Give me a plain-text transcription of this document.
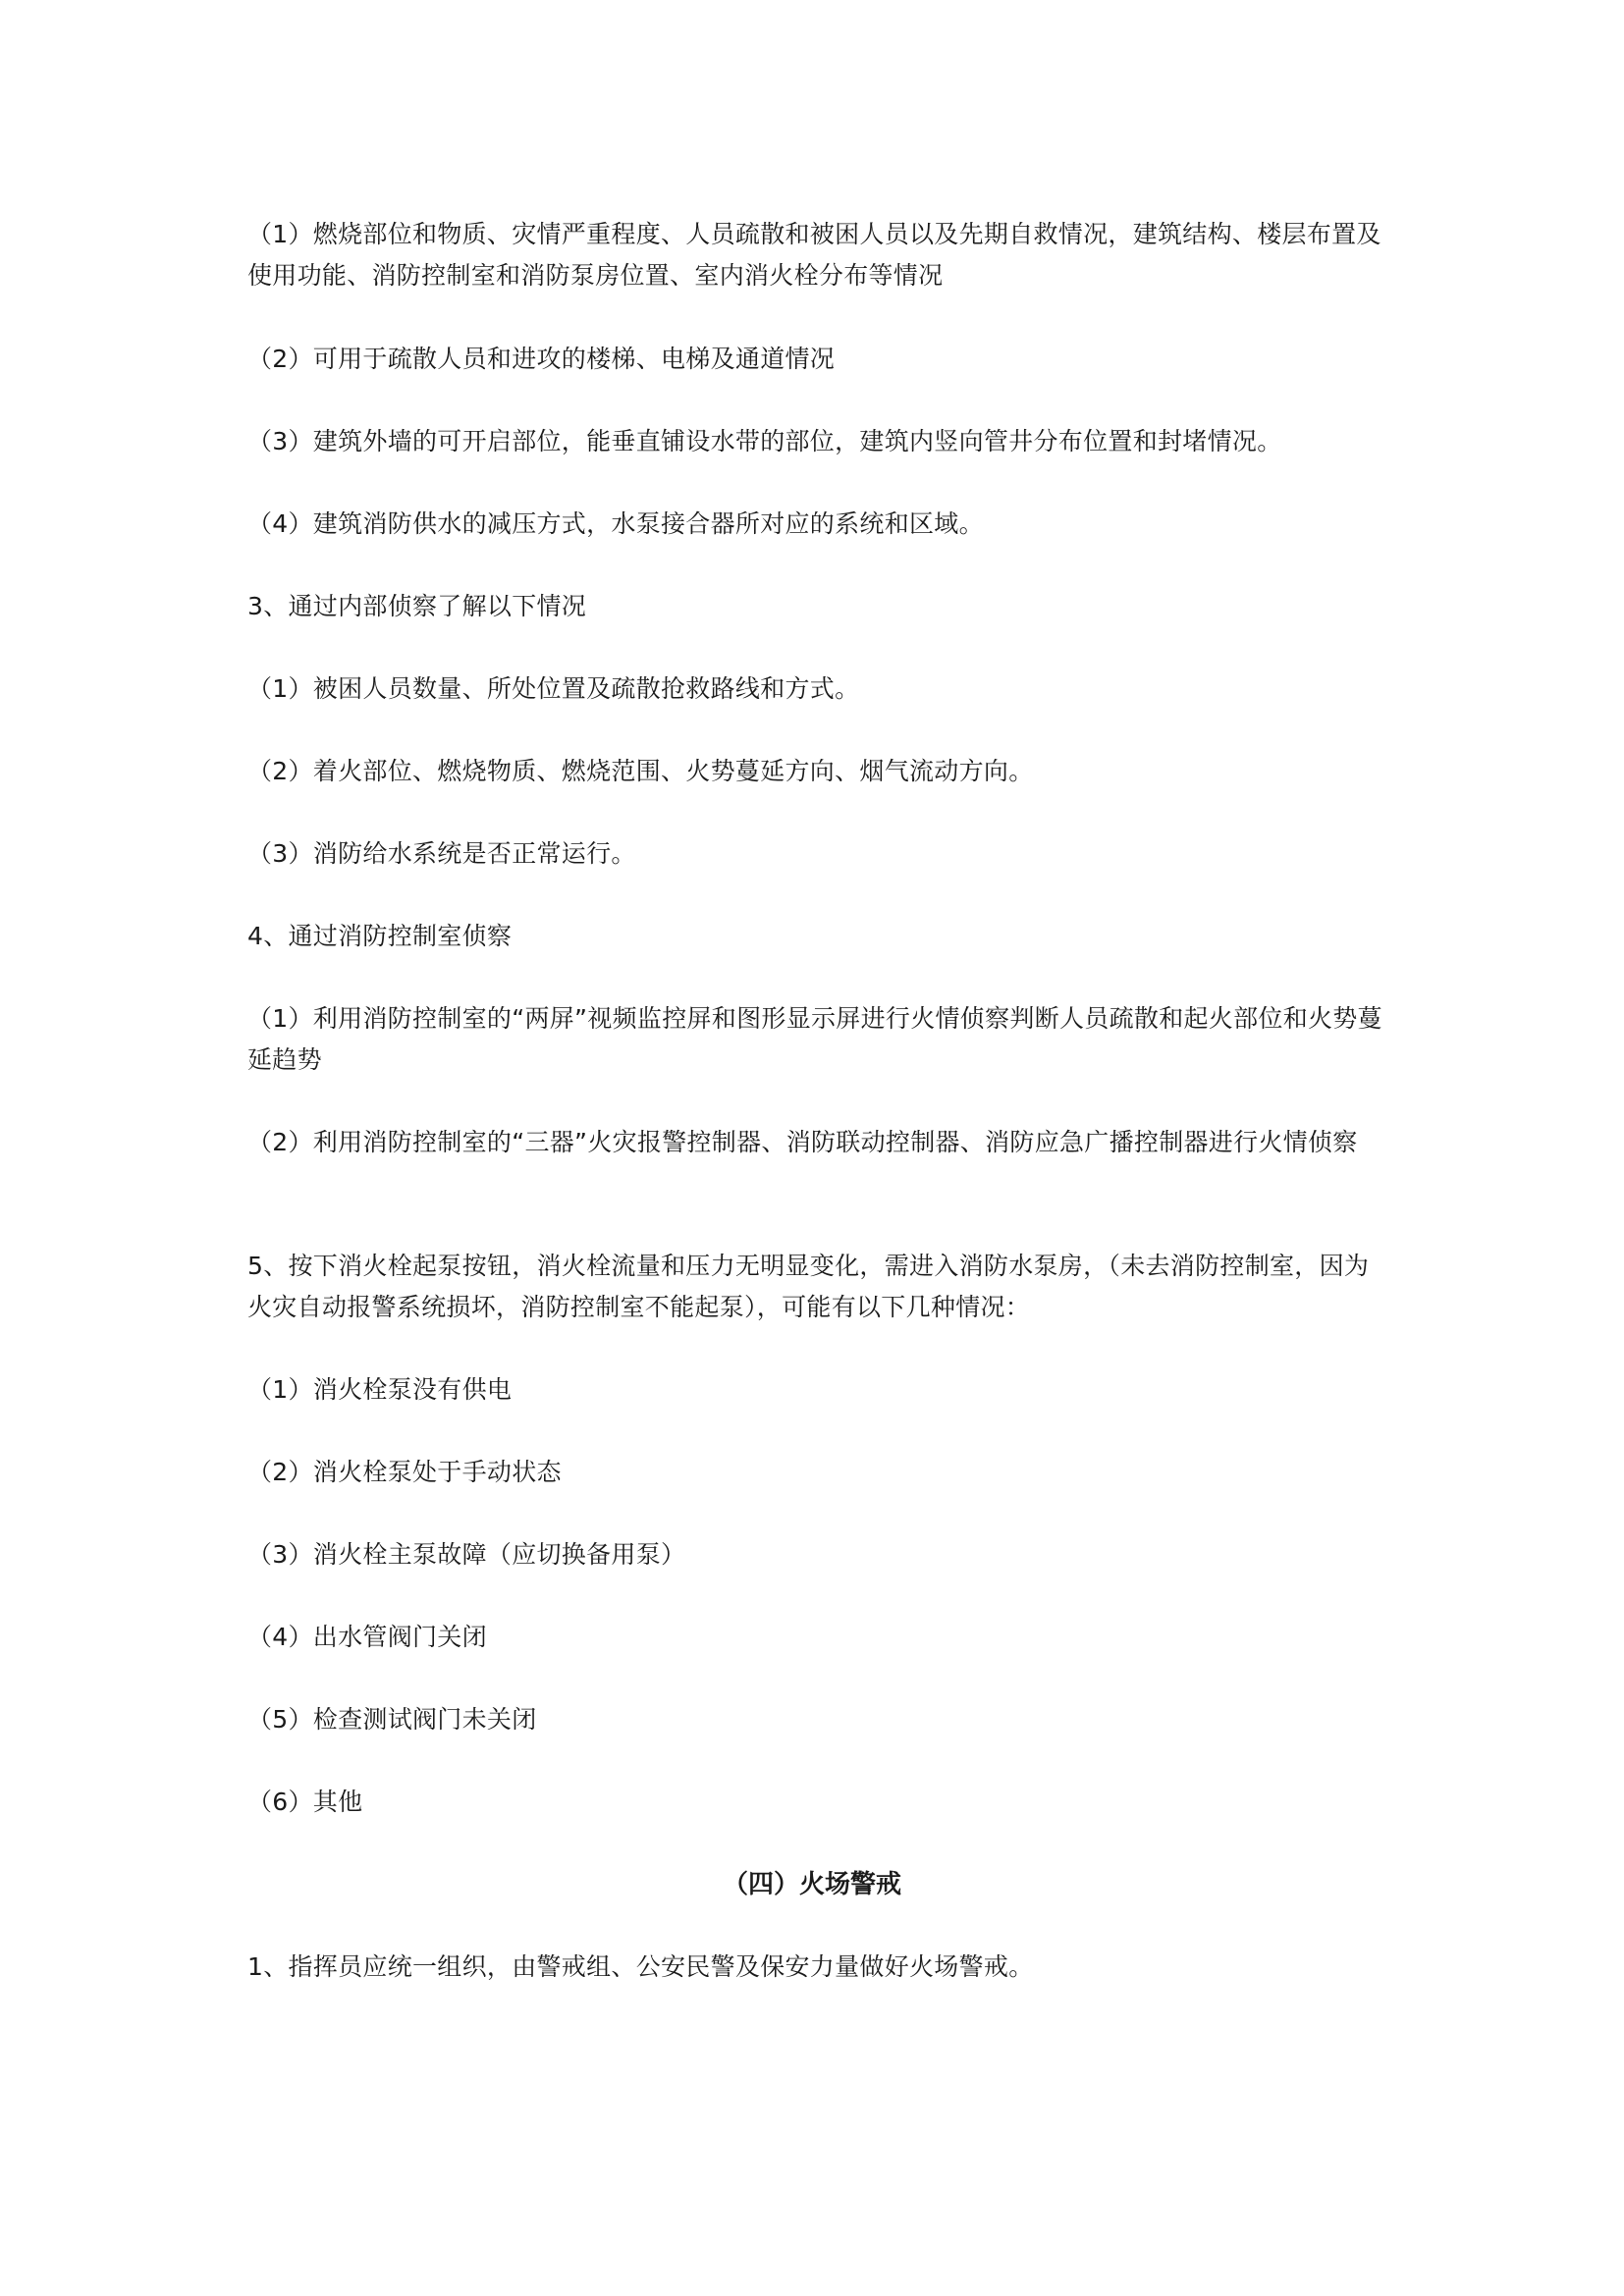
（1）燃烧部位和物质、灾情严重程度、人员疏散和被困人员以及先期自救情况，建筑结构、楼层布置及使用功能、消防控制室和消防泵房位置、室内消火栓分布等情况

（2）可用于疏散人员和进攻的楼梯、电梯及通道情况

（3）建筑外墙的可开启部位，能垂直铺设水带的部位，建筑内竖向管井分布位置和封堵情况。

（4）建筑消防供水的减压方式，水泵接合器所对应的系统和区域。

3、通过内部侦察了解以下情况

（1）被困人员数量、所处位置及疏散抢救路线和方式。

（2）着火部位、燃烧物质、燃烧范围、火势蔓延方向、烟气流动方向。

（3）消防给水系统是否正常运行。

4、通过消防控制室侦察

（1）利用消防控制室的“两屏”视频监控屏和图形显示屏进行火情侦察判断人员疏散和起火部位和火势蔓延趋势

（2）利用消防控制室的“三器”火灾报警控制器、消防联动控制器、消防应急广播控制器进行火情侦察

5、按下消火栓起泵按钮，消火栓流量和压力无明显变化，需进入消防水泵房，（未去消防控制室，因为火灾自动报警系统损坏，消防控制室不能起泵），可能有以下几种情况：

（1）消火栓泵没有供电

（2）消火栓泵处于手动状态

（3）消火栓主泵故障（应切换备用泵）

（4）出水管阀门关闭

（5）检查测试阀门未关闭

（6）其他

（四）火场警戒

1、指挥员应统一组织，由警戒组、公安民警及保安力量做好火场警戒。
